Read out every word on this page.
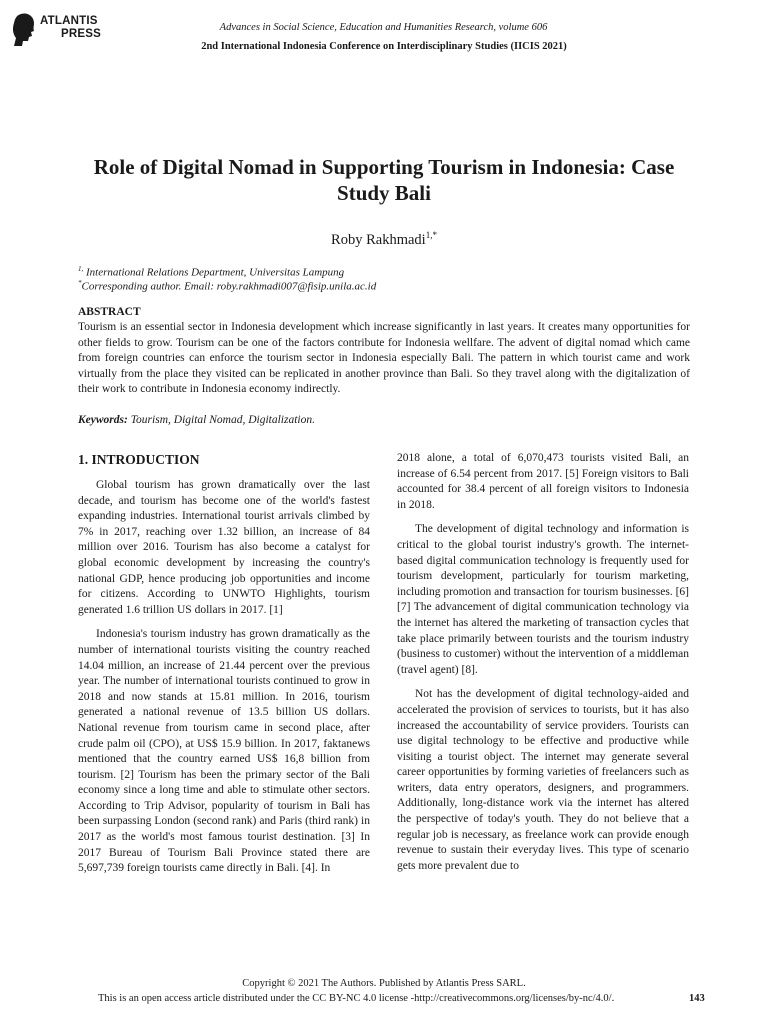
ATLANTIS
PRESS
Advances in Social Science, Education and Humanities Research, volume 606
2nd International Indonesia Conference on Interdisciplinary Studies (IICIS 2021)
Role of Digital Nomad in Supporting Tourism in Indonesia: Case Study Bali
Roby Rakhmadi$^{1,*}$
$^{1,}$ International Relations Department, Universitas Lampung
*Corresponding author. Email: roby.rakhmadi007@fisip.unila.ac.id
ABSTRACT
Tourism is an essential sector in Indonesia development which increase significantly in last years. It creates many opportunities for other fields to grow. Tourism can be one of the factors contribute for Indonesia wellfare. The advent of digital nomad which came from foreign countries can enforce the tourism sector in Indonesia especially Bali. The pattern in which tourist came and work virtually from the place they visited can be replicated in another province than Bali. So they travel along with the digitalization of their work to contribute in Indonesia economy indirectly.
Keywords: Tourism, Digital Nomad, Digitalization.
1. INTRODUCTION

Global tourism has grown dramatically over the last decade, and tourism has become one of the world's fastest expanding industries. International tourist arrivals climbed by 7% in 2017, reaching over 1.32 billion, an increase of 84 million over 2016. Tourism has also become a catalyst for global economic development by increasing the country's national GDP, hence producing job opportunities and income for citizens. According to UNWTO Highlights, tourism generated 1.6 trillion US dollars in 2017. [1]

Indonesia's tourism industry has grown dramatically as the number of international tourists visiting the country reached 14.04 million, an increase of 21.44 percent over the previous year. The number of international tourists continued to grow in 2018 and now stands at 15.81 million. In 2016, tourism generated a national revenue of 13.5 billion US dollars. National revenue from tourism came in second place, after crude palm oil (CPO), at US$ 15.9 billion. In 2017, faktanews mentioned that the country earned US$ 16,8 billion from tourism. [2] Tourism has been the primary sector of the Bali economy since a long time and able to stimulate other sectors. According to Trip Advisor, popularity of tourism in Bali has been surpassing London (second rank) and Paris (third rank) in 2017 as the world's most famous tourist destination. [3] In 2017 Bureau of Tourism Bali Province stated there are 5,697,739 foreign tourists came directly in Bali. [4]. In

2018 alone, a total of 6,070,473 tourists visited Bali, an increase of 6.54 percent from 2017. [5] Foreign visitors to Bali accounted for 38.4 percent of all foreign visitors to Indonesia in 2018.

The development of digital technology and information is critical to the global tourist industry's growth. The internet-based digital communication technology is frequently used for tourism development, particularly for tourism marketing, including promotion and transaction for tourism businesses. [6] [7] The advancement of digital communication technology via the internet has altered the marketing of transaction cycles that take place primarily between tourists and the tourism industry (business to customer) without the intervention of a middleman (travel agent) [8].

Not has the development of digital technology-aided and accelerated the provision of services to tourists, but it has also increased the accountability of service providers. Tourists can use digital technology to be effective and productive while visiting a tourist object. The internet may generate several career opportunities by forming varieties of freelancers such as writers, data entry operators, designers, and programmers. Additionally, long-distance work via the internet has altered the perspective of today's youth. They do not believe that a regular job is necessary, as freelance work can provide enough revenue to sustain their everyday lives. This type of scenario gets more prevalent due to

Copyright © 2021 The Authors. Published by Atlantis Press SARL.
This is an open access article distributed under the CC BY-NC 4.0 license -http://creativecommons.org/licenses/by-nc/4.0/.	143
